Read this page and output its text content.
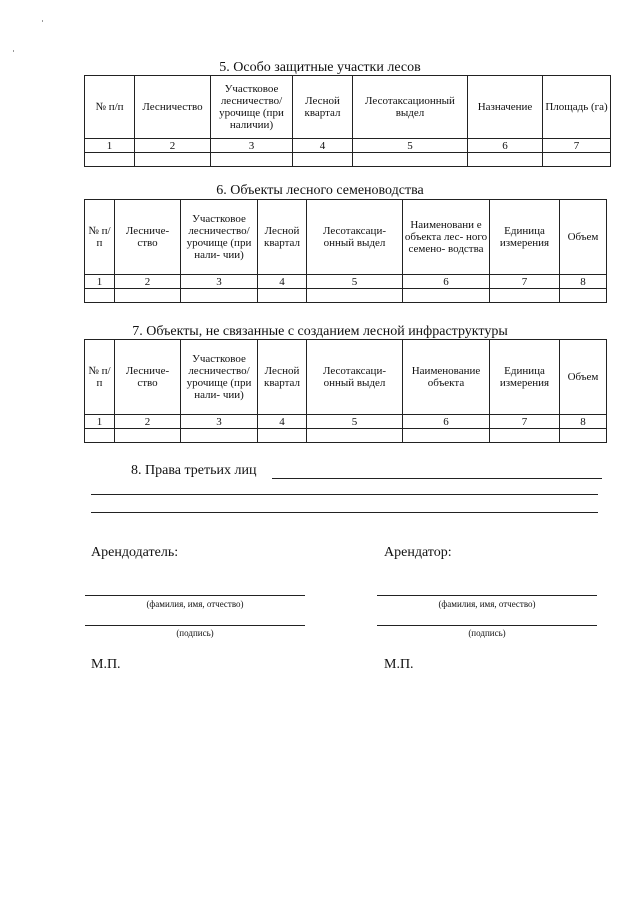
5. Особо защитные участки лесов
№ п/п	Лесничество	Участковое лесничество/ урочище (при наличии)	Лесной квартал	Лесотаксационный выдел	Назначение	Площадь (га)
1	2	3	4	5	6	7

6. Объекты лесного семеноводства
№ п/п	Лесниче- ство	Участковое лесничество/ урочище (при нали- чии)	Лесной квартал	Лесотаксаци- онный выдел	Наименовани е объекта лес- ного семено- водства	Единица измерения	Объем
1	2	3	4	5	6	7	8

7. Объекты, не связанные с созданием лесной инфраструктуры
№ п/п	Лесниче- ство	Участковое лесничество/ урочище (при нали- чии)	Лесной квартал	Лесотаксаци- онный выдел	Наименование объекта	Единица измерения	Объем
1	2	3	4	5	6	7	8

8. Права третьих лиц
Арендодатель:	Арендатор:
(фамилия, имя, отчество)	(фамилия, имя, отчество)
(подпись)	(подпись)
М.П.	М.П.
